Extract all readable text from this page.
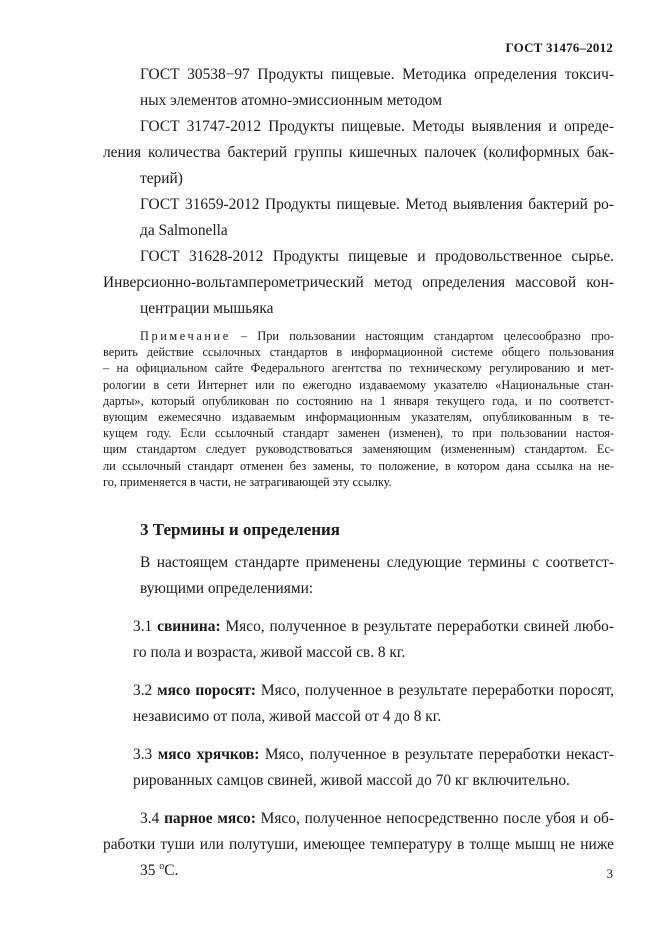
ГОСТ 31476–2012
ГОСТ 30538−97 Продукты пищевые. Методика определения токсич-
ных элементов атомно-эмиссионным методом
ГОСТ 31747-2012 Продукты пищевые. Методы выявления и опреде- ления количества бактерий группы кишечных палочек (колиформных бак-
терий)
ГОСТ 31659-2012 Продукты пищевые. Метод выявления бактерий ро-
да Salmonella
ГОСТ 31628-2012 Продукты пищевые и продовольственное сырье. Инверсионно-вольтамперометрический метод определения массовой кон-
центрации мышьяка
Примечание – При пользовании настоящим стандартом целесообразно про-
верить действие ссылочных стандартов в информационной системе общего пользования
– на официальном сайте Федерального агентства по техническому регулированию и мет-
рологии в сети Интернет или по ежегодно издаваемому указателю «Национальные стан-
дарты», который опубликован по состоянию на 1 января текущего года, и по соответст-
вующим ежемесячно издаваемым информационным указателям, опубликованным в те-
кущем году. Если ссылочный стандарт заменен (изменен), то при пользовании настоя-
щим стандартом следует руководствоваться заменяющим (измененным) стандартом. Ес-
ли ссылочный стандарт отменен без замены, то положение, в котором дана ссылка на не-
го, применяется в части, не затрагивающей эту ссылку.
3 Термины и определения
В настоящем стандарте применены следующие термины с соответст-
вующими определениями:
3.1 свинина: Мясо, полученное в результате переработки свиней любо-
го пола и возраста, живой массой св. 8 кг.
3.2 мясо поросят: Мясо, полученное в результате переработки поросят,
независимо от пола, живой массой от 4 до 8 кг.
3.3 мясо хрячков: Мясо, полученное в результате переработки некаст-
рированных самцов свиней, живой массой до 70 кг включительно.
3.4 парное мясо: Мясо, полученное непосредственно после убоя и об- работки туши или полутуши, имеющее температуру в толще мышц не ниже
35 $^о$С.	3
